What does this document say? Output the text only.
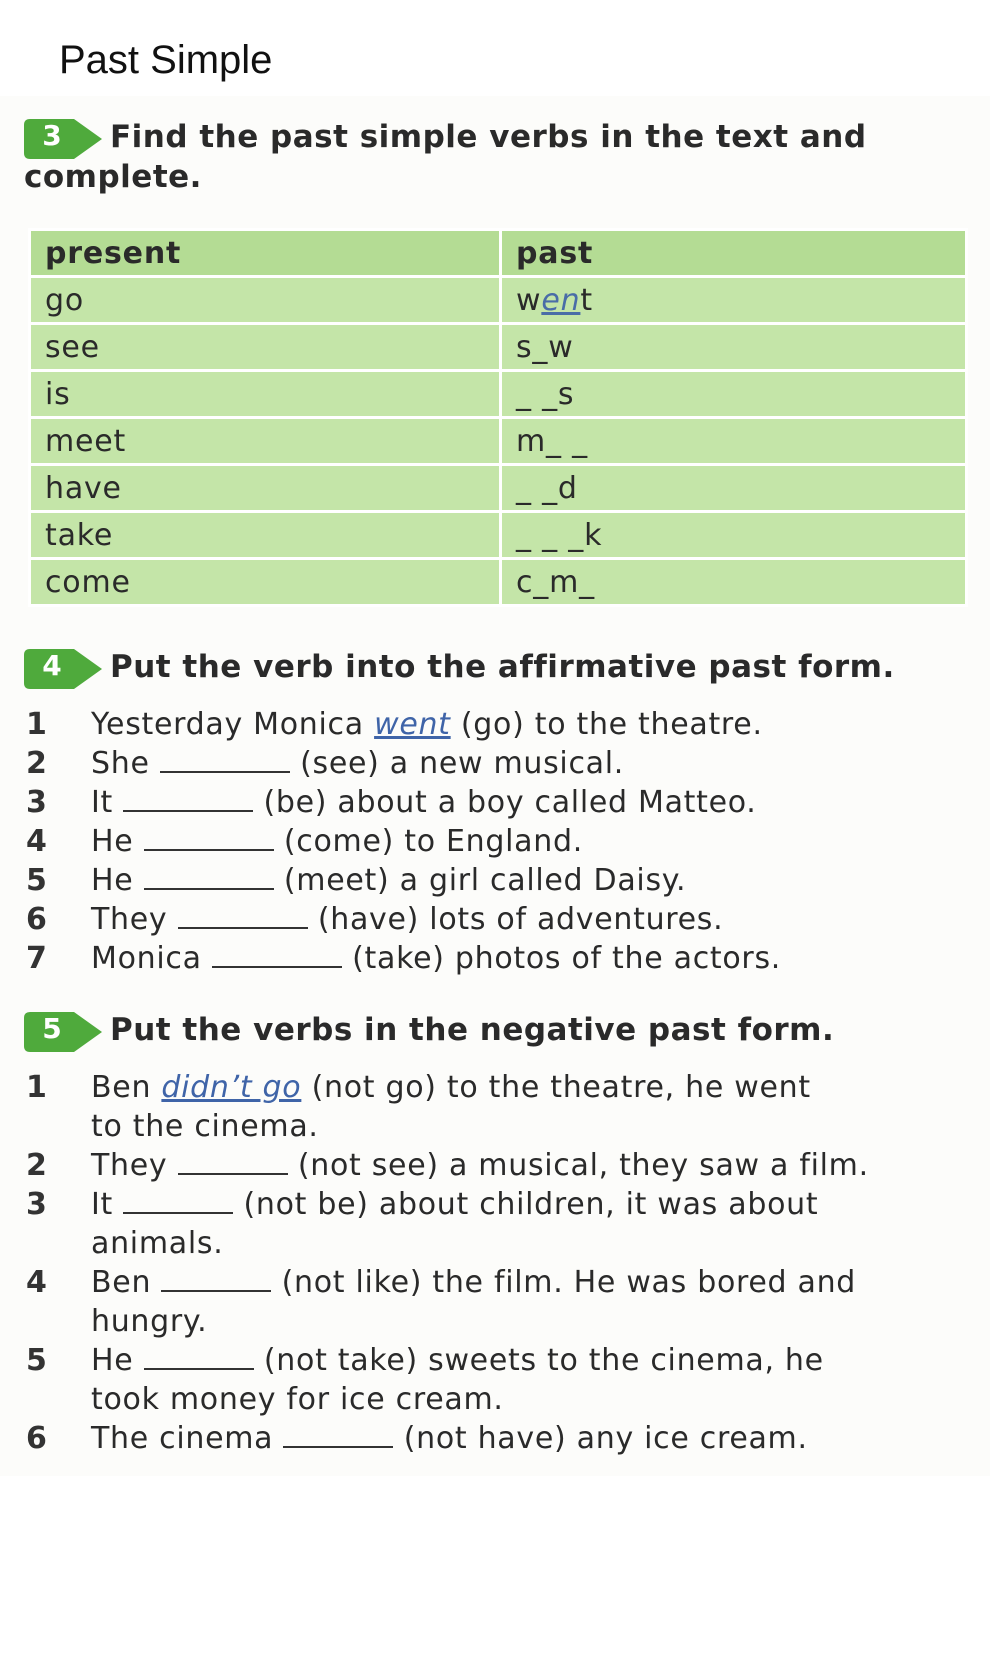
Past Simple
3	Find the past simple verbs in the text and
complete.
present	past
go	went
see	s_w
is	_ _s
meet	m_ _
have	_ _d
take	_ _ _k
come	c_m_
4	Put the verb into the affirmative past form.
1	Yesterday Monica went (go) to the theatre.
2	She	(see) a new musical.
3	It	(be) about a boy called Matteo.
4	He	(come) to England.
5	He	(meet) a girl called Daisy.
6	They	(have) lots of adventures.
7	Monica	(take) photos of the actors.
5	Put the verbs in the negative past form.
1	Ben didn’t go (not go) to the theatre, he went
to the cinema.
2	They	(not see) a musical, they saw a film.
3	It	(not be) about children, it was about
animals.
4	Ben	(not like) the film. He was bored and
hungry.
5	He	(not take) sweets to the cinema, he
took money for ice cream.
6	The cinema	(not have) any ice cream.
